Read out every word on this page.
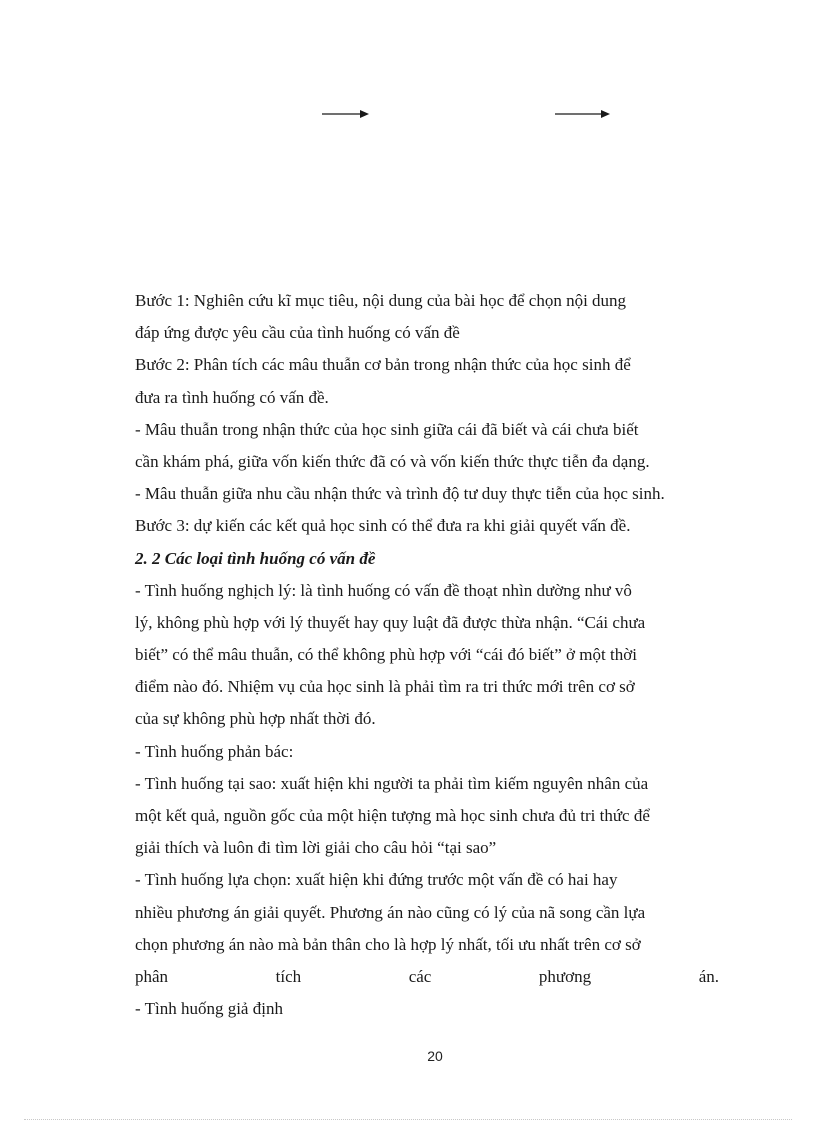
Bước 1: Nghiên cứu kĩ mục tiêu, nội dung của bài học để chọn nội dung
đáp ứng được yêu cầu của tình huống có vấn đề
Bước 2: Phân tích các mâu thuẫn cơ bản trong nhận thức của học sinh để
đưa ra tình huống có vấn đề.
- Mâu thuẫn trong nhận thức của học sinh giữa cái đã biết và cái chưa biết
cần khám phá, giữa vốn kiến thức đã có và vốn kiến thức thực tiễn đa dạng.
- Mâu thuẫn giữa nhu cầu nhận thức và trình độ tư duy thực tiễn của học sinh.
Bước 3: dự kiến các kết quả học sinh có thể đưa ra khi giải quyết vấn đề.
2. 2 Các loại tình huống có vấn đề
- Tình huống nghịch lý: là tình huống có vấn đề thoạt nhìn dường như vô
lý, không phù hợp với lý thuyết hay quy luật đã được thừa nhận. “Cái chưa
biết” có thể mâu thuẫn, có thể không phù hợp với “cái đó biết” ở một thời
điểm nào đó. Nhiệm vụ của học sinh là phải tìm ra tri thức mới trên cơ sở
của sự không phù hợp nhất thời đó.
- Tình huống phản bác:
- Tình huống tại sao: xuất hiện khi người ta phải tìm kiếm nguyên nhân của
một kết quả, nguồn gốc của một hiện tượng mà học sinh chưa đủ tri thức để
giải thích và luôn đi tìm lời giải cho câu hỏi “tại sao”
- Tình huống lựa chọn: xuất hiện khi đứng trước một vấn đề có hai hay
nhiều phương án giải quyết. Phương án nào cũng có lý của nã song cần lựa
chọn phương án nào mà bản thân cho là hợp lý nhất, tối ưu nhất trên cơ sở
phân tích các phương án.
- Tình huống giả định
20
